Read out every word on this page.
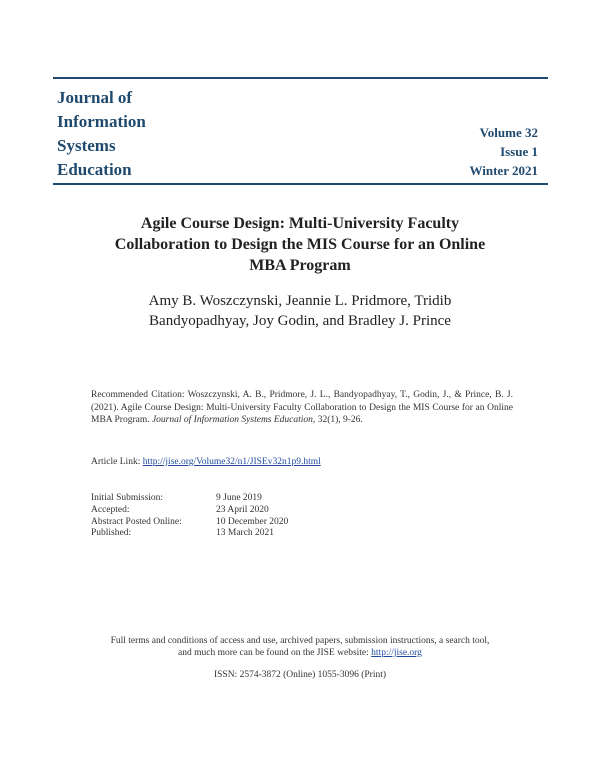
Journal of
Information
Systems
Education
Volume 32
Issue 1
Winter 2021
Agile Course Design: Multi-University Faculty
Collaboration to Design the MIS Course for an Online
MBA Program
Amy B. Woszczynski, Jeannie L. Pridmore, Tridib
Bandyopadhyay, Joy Godin, and Bradley J. Prince
Recommended Citation: Woszczynski, A. B., Pridmore, J. L., Bandyopadhyay, T., Godin, J., & Prince, B. J. (2021). Agile Course Design: Multi-University Faculty Collaboration to Design the MIS Course for an Online MBA Program. Journal of Information Systems Education, 32(1), 9-26.
Article Link: http://jise.org/Volume32/n1/JISEv32n1p9.html
Initial Submission:	9 June 2019
Accepted:	23 April 2020
Abstract Posted Online:	10 December 2020
Published:	13 March 2021
Full terms and conditions of access and use, archived papers, submission instructions, a search tool,
and much more can be found on the JISE website: http://jise.org
ISSN: 2574-3872 (Online) 1055-3096 (Print)
